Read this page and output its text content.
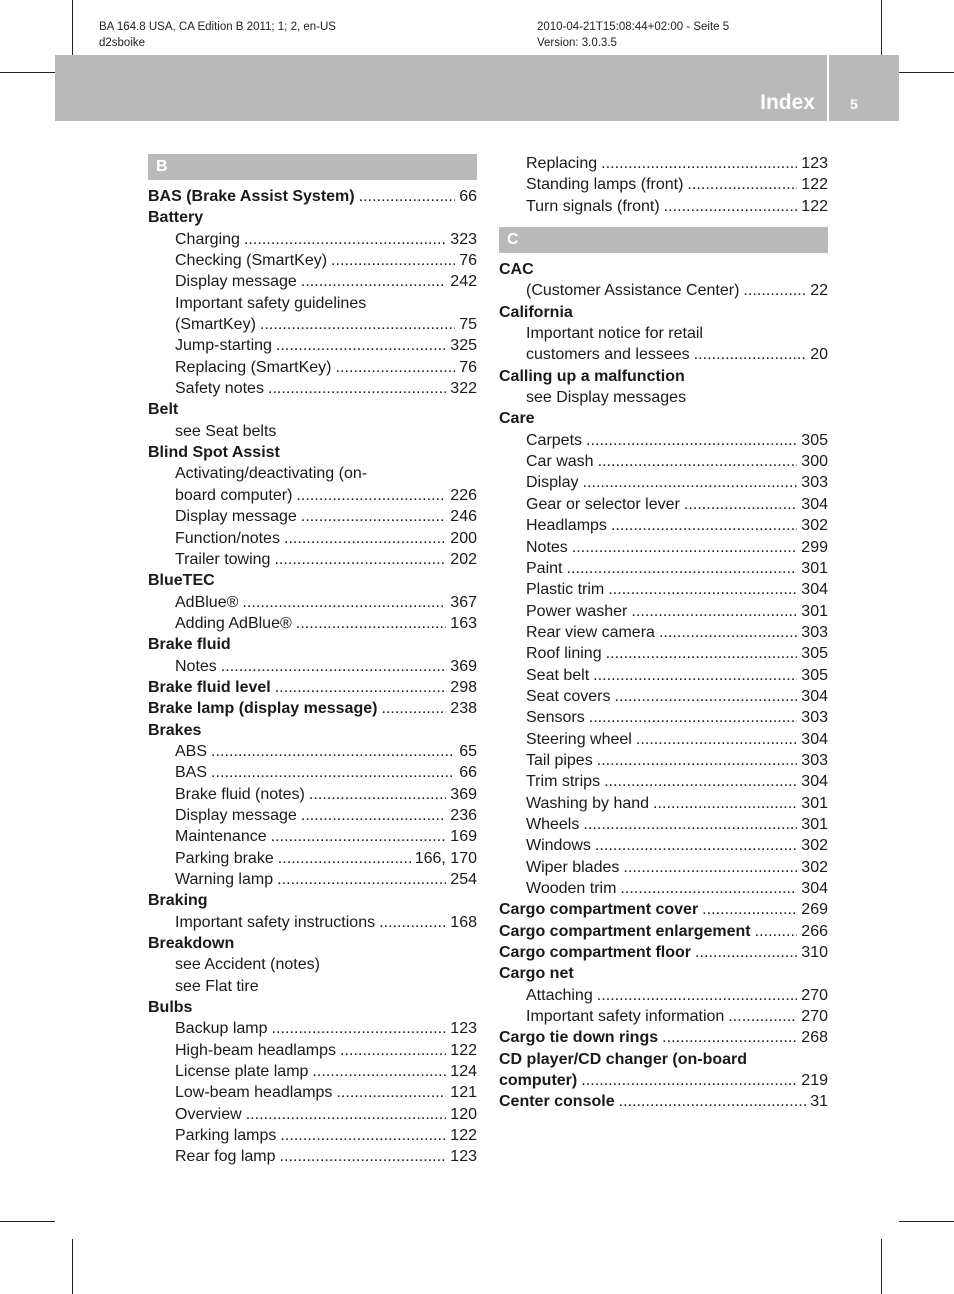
BA 164.8 USA, CA Edition B 2011; 1; 2, en-US
d2sboike
2010-04-21T15:08:44+02:00 - Seite 5
Version: 3.0.3.5
Index	5
B
BAS (Brake Assist System) . . .	66
Battery
Charging . . .	323
Checking (SmartKey) . . .	76
Display message . . .	242
Important safety guidelines
(SmartKey) . . .	75
Jump-starting . . .	325
Replacing (SmartKey) . . .	76
Safety notes . . .	322
Belt
see Seat belts
Blind Spot Assist
Activating/deactivating (on-
board computer) . . .	226
Display message . . .	246
Function/notes . . .	200
Trailer towing . . .	202
BlueTEC
AdBlue® . . .	367
Adding AdBlue® . . .	163
Brake fluid
Notes . . .	369
Brake fluid level . . .	298
Brake lamp (display message) . . .	238
Brakes
ABS . . .	65
BAS . . .	66
Brake fluid (notes) . . .	369
Display message . . .	236
Maintenance . . .	169
Parking brake . . .	166, 170
Warning lamp . . .	254
Braking
Important safety instructions . . .	168
Breakdown
see Accident (notes)
see Flat tire
Bulbs
Backup lamp . . .	123
High-beam headlamps . . .	122
License plate lamp . . .	124
Low-beam headlamps . . .	121
Overview . . .	120
Parking lamps . . .	122
Rear fog lamp . . .	123
Replacing . . .	123
Standing lamps (front) . . .	122
Turn signals (front) . . .	122
C
CAC
(Customer Assistance Center) . . .	22
California
Important notice for retail
customers and lessees . . .	20
Calling up a malfunction
see Display messages
Care
Carpets . . .	305
Car wash . . .	300
Display . . .	303
Gear or selector lever . . .	304
Headlamps . . .	302
Notes . . .	299
Paint . . .	301
Plastic trim . . .	304
Power washer . . .	301
Rear view camera . . .	303
Roof lining . . .	305
Seat belt . . .	305
Seat covers . . .	304
Sensors . . .	303
Steering wheel . . .	304
Tail pipes . . .	303
Trim strips . . .	304
Washing by hand . . .	301
Wheels . . .	301
Windows . . .	302
Wiper blades . . .	302
Wooden trim . . .	304
Cargo compartment cover . . .	269
Cargo compartment enlargement . . .	266
Cargo compartment floor . . .	310
Cargo net
Attaching . . .	270
Important safety information . . .	270
Cargo tie down rings . . .	268
CD player/CD changer (on-board
computer) . . .	219
Center console . . .	31
